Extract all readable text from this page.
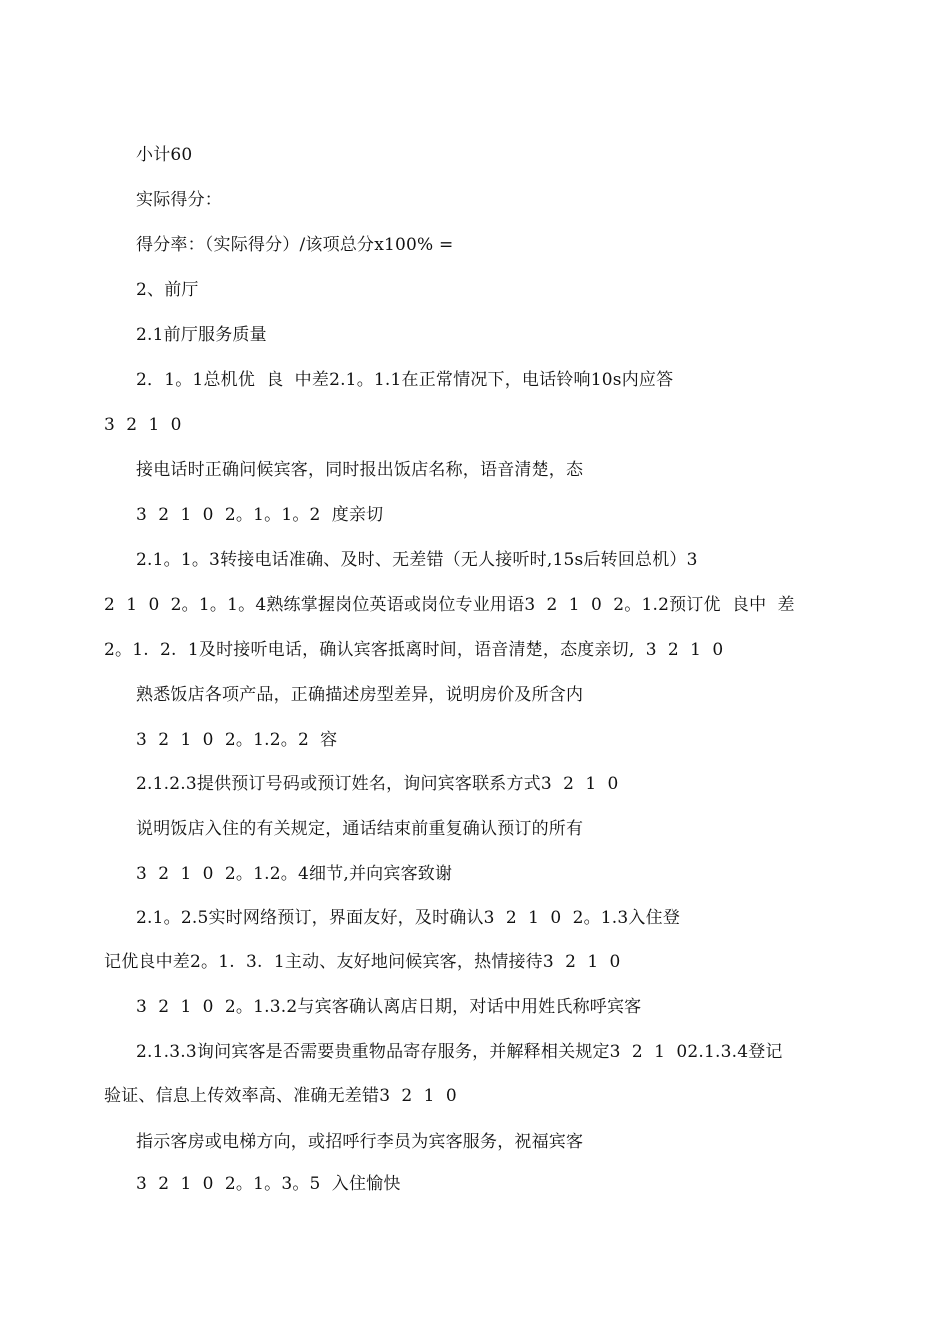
小计60
实际得分：
得分率：（实际得分）/该项总分x100% =
2、前厅
2.1前厅服务质量
2．1。1总机优  良  中差2.1。1.1在正常情况下，电话铃响10s内应答
3  2  1  0
接电话时正确问候宾客，同时报出饭店名称，语音清楚，态
3  2  1  0  2。1。1。2  度亲切
2.1。1。3转接电话准确、及时、无差错（无人接听时,15s后转回总机）3
2  1  0  2。1。1。4熟练掌握岗位英语或岗位专业用语3  2  1  0  2。1.2预订优  良中  差
2。1.  2.  1及时接听电话，确认宾客抵离时间，语音清楚，态度亲切,  3  2  1  0
熟悉饭店各项产品，正确描述房型差异，说明房价及所含内
3  2  1  0  2。1.2。2  容
2.1.2.3提供预订号码或预订姓名，询问宾客联系方式3  2  1  0
说明饭店入住的有关规定，通话结束前重复确认预订的所有
3  2  1  0  2。1.2。4细节,并向宾客致谢
2.1。2.5实时网络预订，界面友好，及时确认3  2  1  0  2。1.3入住登
记优良中差2。1.  3.  1主动、友好地问候宾客，热情接待3  2  1  0
3  2  1  0  2。1.3.2与宾客确认离店日期，对话中用姓氏称呼宾客
2.1.3.3询问宾客是否需要贵重物品寄存服务，并解释相关规定3  2  1  02.1.3.4登记
验证、信息上传效率高、准确无差错3  2  1  0
指示客房或电梯方向，或招呼行李员为宾客服务，祝福宾客
3  2  1  0  2。1。3。5  入住愉快
